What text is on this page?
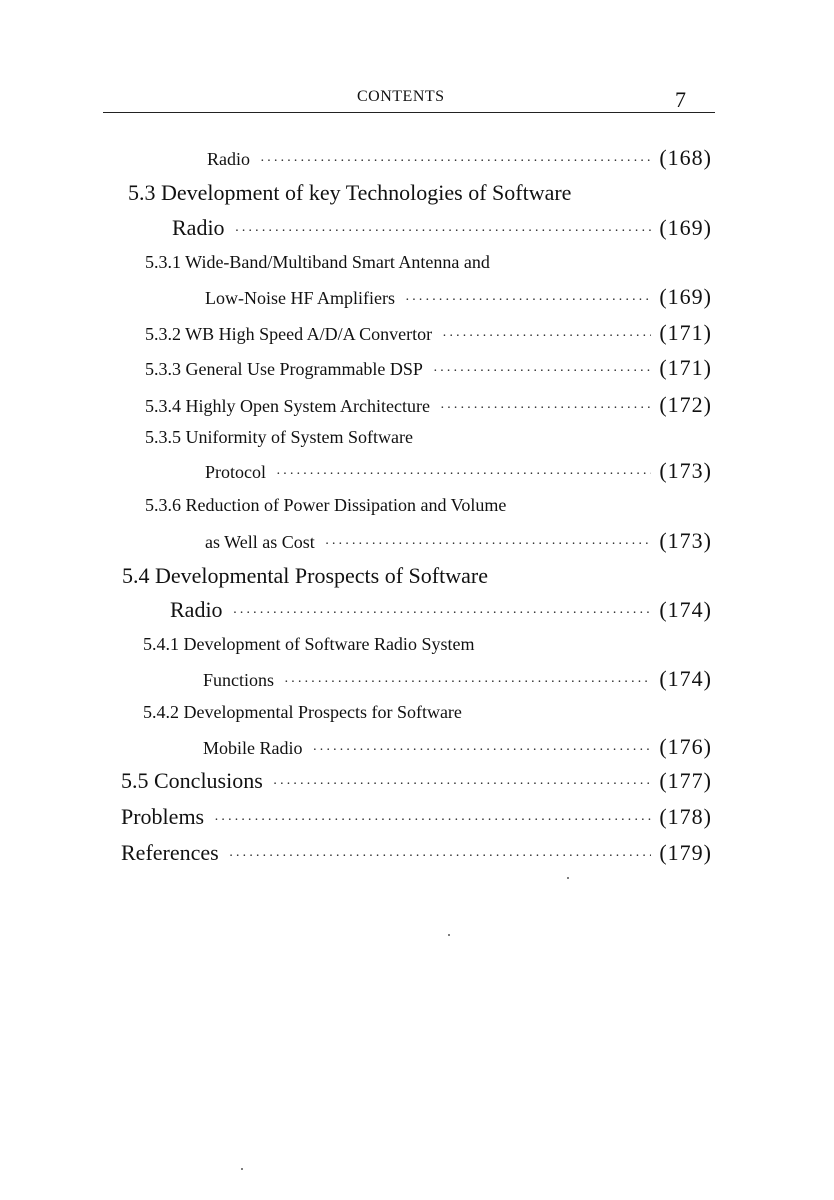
CONTENTS	7
Radio ·····	(168)
5.3 Development of key Technologies of Software
Radio ·····	(169)
5.3.1 Wide-Band/Multiband Smart Antenna and
Low-Noise HF Amplifiers ·····	(169)
5.3.2 WB High Speed A/D/A Convertor ·····	(171)
5.3.3 General Use Programmable DSP ·····	(171)
5.3.4 Highly Open System Architecture ·····	(172)
5.3.5 Uniformity of System Software
Protocol ·····	(173)
5.3.6 Reduction of Power Dissipation and Volume
as Well as Cost ·····	(173)
5.4 Developmental Prospects of Software
Radio ·····	(174)
5.4.1 Development of Software Radio System
Functions ·····	(174)
5.4.2 Developmental Prospects for Software
Mobile Radio ·····	(176)
5.5 Conclusions ·····	(177)
Problems ·····	(178)
References ·····	(179)
